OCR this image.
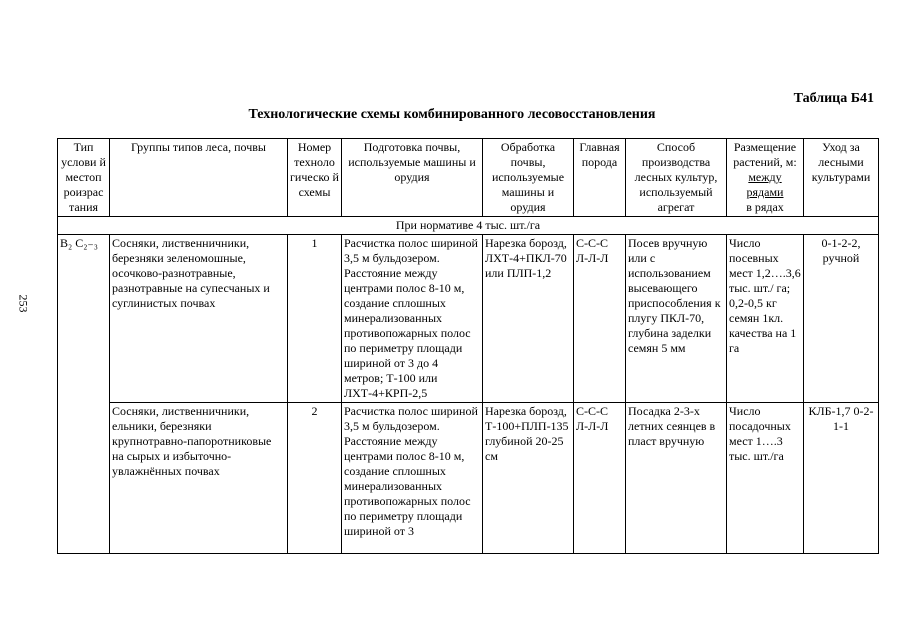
253
Таблица Б41
Технологические схемы комбинированного лесовосстановления
Тип услови й местоп роизрас тания	Группы типов леса, почвы	Номер техноло гическо й схемы	Подготовка почвы, используемые машины и орудия	Обработка почвы, используемые машины и орудия	Главная порода	Способ производства лесных культур, используемый агрегат	Размещение растений, м:
между рядами
в рядах	Уход за лесными культурами
При нормативе 4 тыс. шт./га								
В₂ С₂₋₃	Сосняки, лиственничники, березняки зеленомошные, осочково-разнотравные, разнотравные на супесчаных и суглинистых почвах	1	Расчистка полос шириной 3,5 м бульдозером. Расстояние между центрами полос 8-10 м, создание сплошных минерализованных противопожарных полос по периметру площади шириной от 3 до 4 метров; Т-100 или ЛХТ-4+КРП-2,5	Нарезка борозд, ЛХТ-4+ПКЛ-70 или ПЛП-1,2	С-С-С Л-Л-Л	Посев вручную или с использованием высевающего приспособления к плугу ПКЛ-70, глубина заделки семян 5 мм	Число посевных мест 1,2….3,6 тыс. шт./ га; 0,2-0,5 кг семян 1кл. качества на 1 га	0-1-2-2, ручной
	Сосняки, лиственничники, ельники, березняки крупнотравно-папоротниковые на сырых и избыточно-увлажнённых почвах	2	Расчистка полос шириной 3,5 м бульдозером. Расстояние между центрами полос 8-10 м, создание сплошных минерализованных противопожарных полос по периметру площади шириной от 3	Нарезка борозд, Т-100+ПЛП-135 глубиной 20-25 см	С-С-С Л-Л-Л	Посадка 2-3-х летних сеянцев в пласт вручную	Число посадочных мест 1….3 тыс. шт./га	КЛБ-1,7 0-2-1-1
